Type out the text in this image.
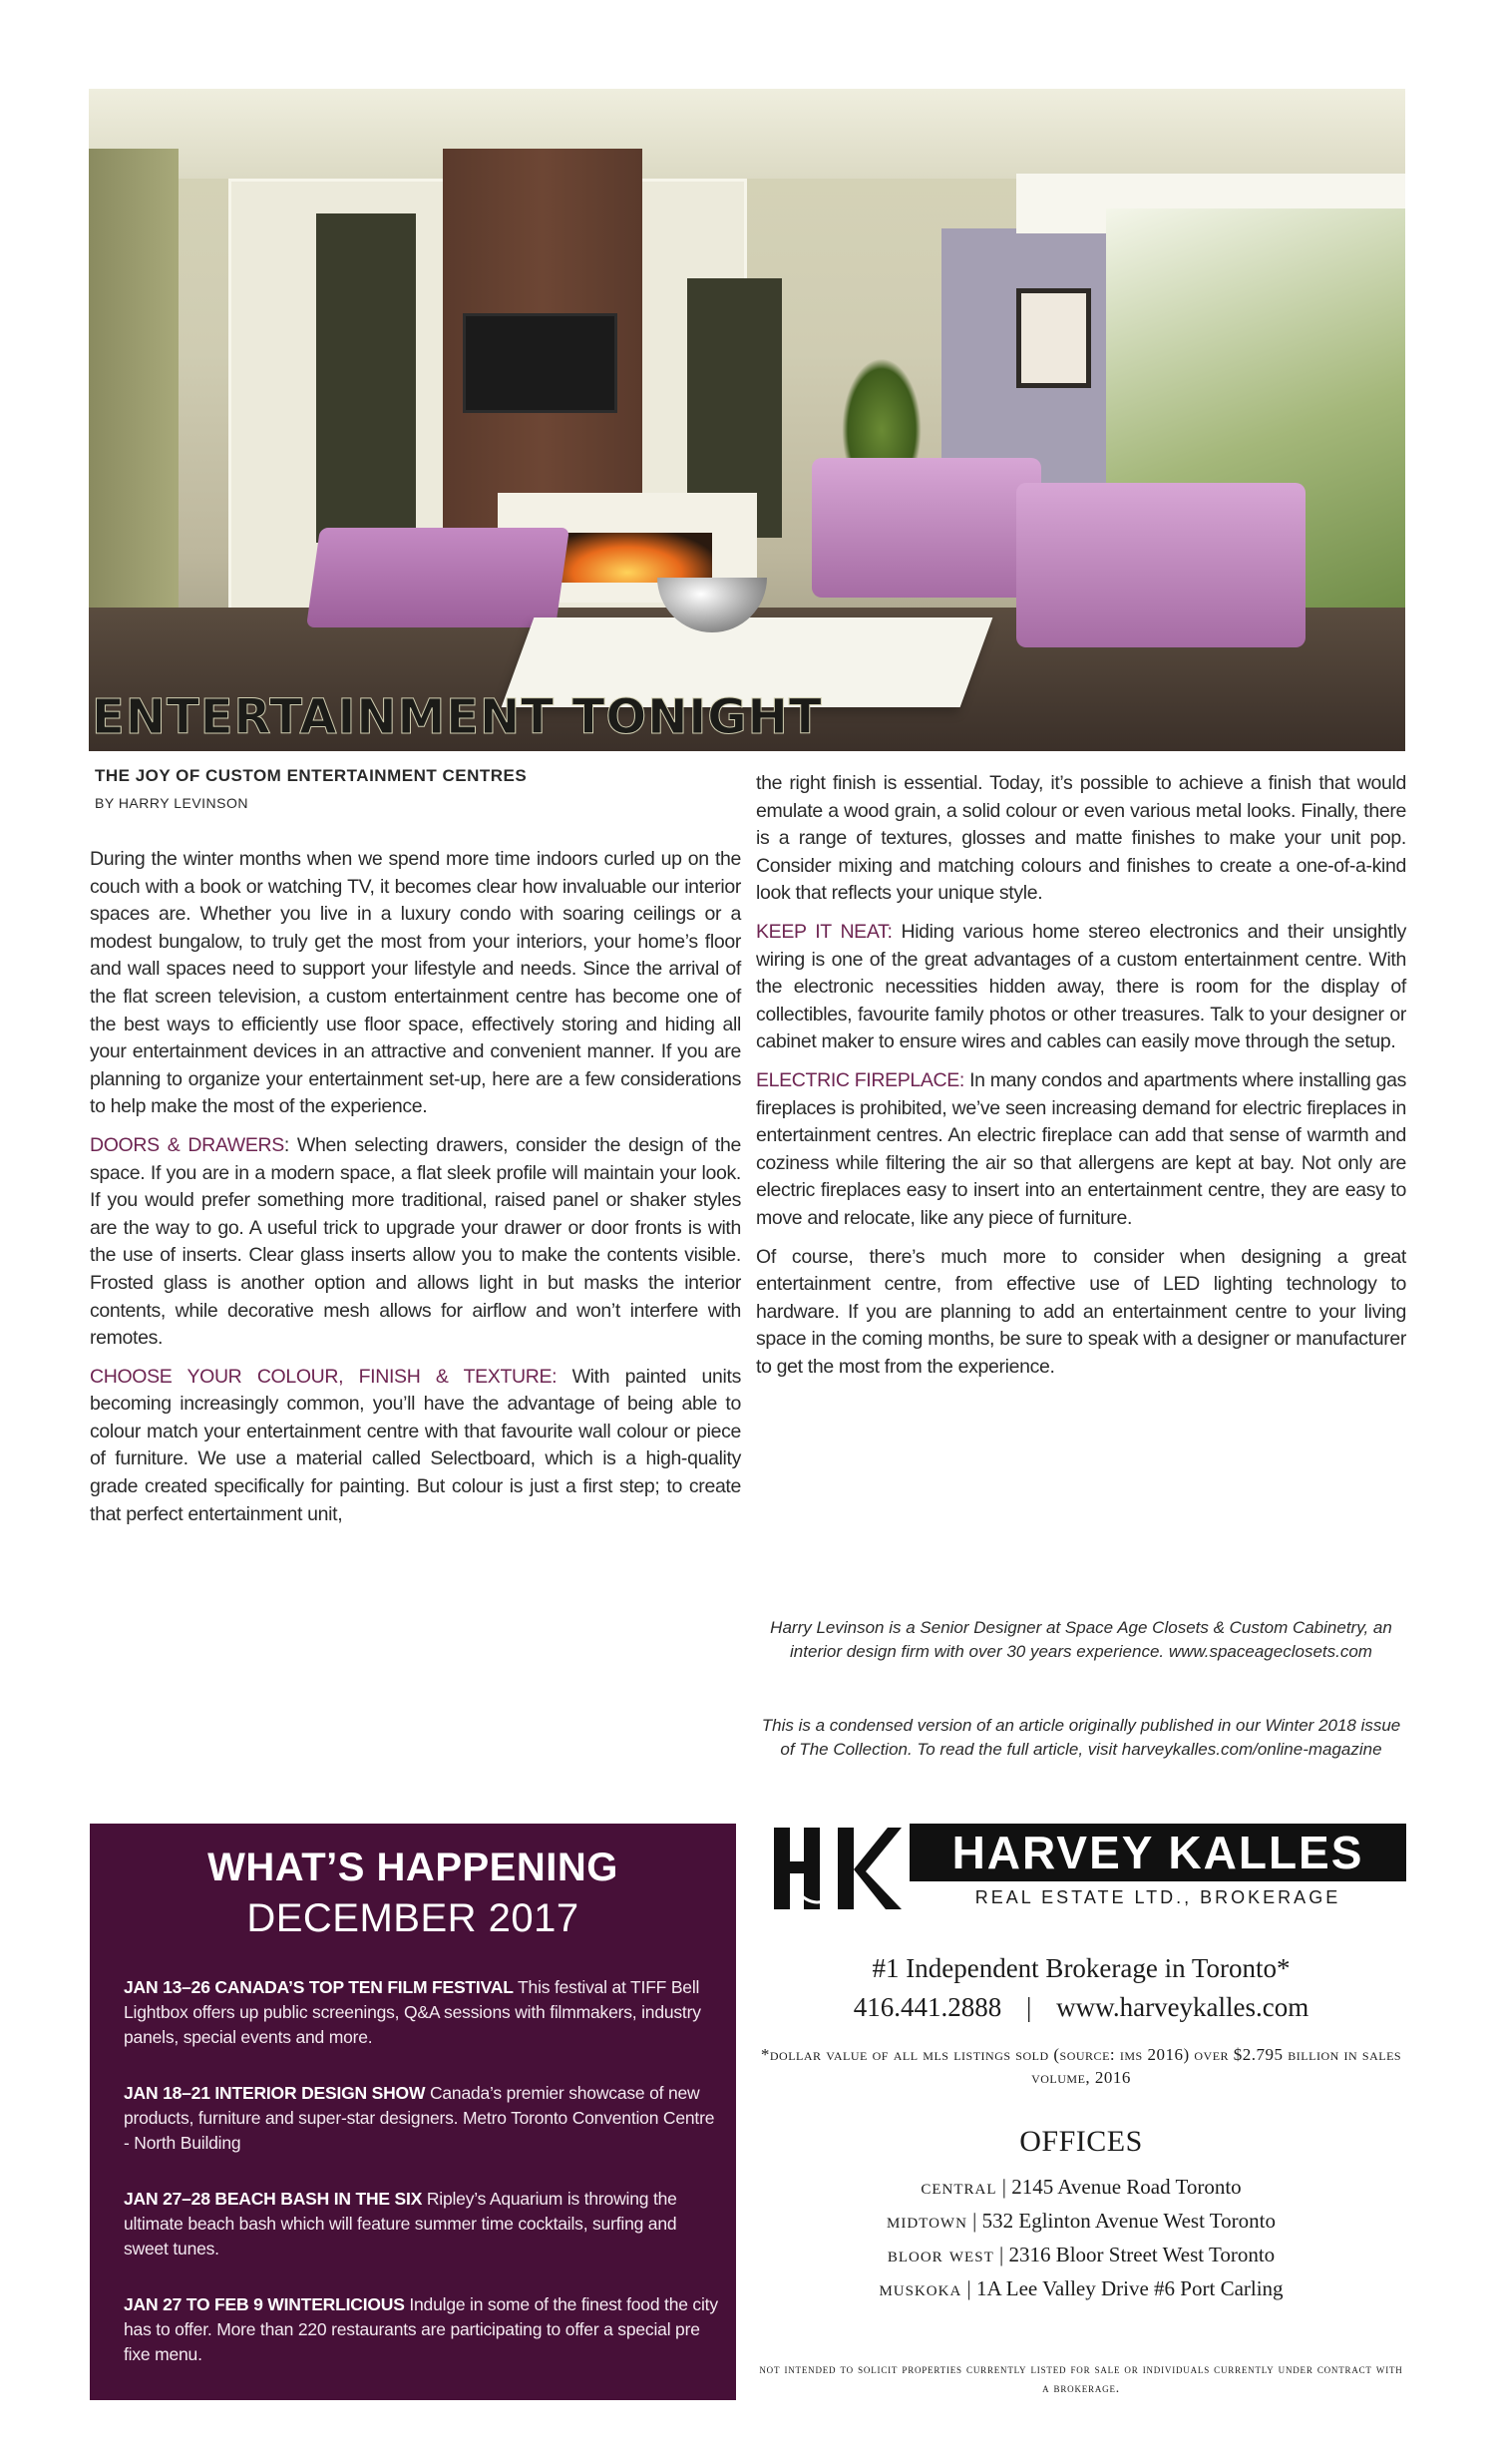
ENTERTAINMENT TONIGHT
THE JOY OF CUSTOM ENTERTAINMENT CENTRES
BY HARRY LEVINSON

During the winter months when we spend more time indoors curled up on the couch with a book or watching TV, it becomes clear how invaluable our interior spaces are. Whether you live in a luxury condo with soaring ceilings or a modest bungalow, to truly get the most from your interiors, your home’s floor and wall spaces need to support your lifestyle and needs. Since the arrival of the flat screen television, a custom entertainment centre has become one of the best ways to efficiently use floor space, effectively storing and hiding all your entertainment devices in an attractive and convenient manner. If you are planning to organize your entertainment set-up, here are a few considerations to help make the most of the experience.

DOORS & DRAWERS: When selecting drawers, consider the design of the space. If you are in a modern space, a flat sleek profile will maintain your look. If you would prefer something more traditional, raised panel or shaker styles are the way to go. A useful trick to upgrade your drawer or door fronts is with the use of inserts. Clear glass inserts allow you to make the contents visible. Frosted glass is another option and allows light in but masks the interior contents, while decorative mesh allows for airflow and won’t interfere with remotes.

CHOOSE YOUR COLOUR, FINISH & TEXTURE: With painted units becoming increasingly common, you’ll have the advantage of being able to colour match your entertainment centre with that favourite wall colour or piece of furniture. We use a material called Selectboard, which is a high-quality grade created specifically for painting. But colour is just a first step; to create that perfect entertainment unit,

the right finish is essential. Today, it’s possible to achieve a finish that would emulate a wood grain, a solid colour or even various metal looks. Finally, there is a range of textures, glosses and matte finishes to make your unit pop. Consider mixing and matching colours and finishes to create a one-of-a-kind look that reflects your unique style.

KEEP IT NEAT: Hiding various home stereo electronics and their unsightly wiring is one of the great advantages of a custom entertainment centre. With the electronic necessities hidden away, there is room for the display of collectibles, favourite family photos or other treasures. Talk to your designer or cabinet maker to ensure wires and cables can easily move through the setup.

ELECTRIC FIREPLACE: In many condos and apartments where installing gas fireplaces is prohibited, we’ve seen increasing demand for electric fireplaces in entertainment centres. An electric fireplace can add that sense of warmth and coziness while filtering the air so that allergens are kept at bay. Not only are electric fireplaces easy to insert into an entertainment centre, they are easy to move and relocate, like any piece of furniture.

Of course, there’s much more to consider when designing a great entertainment centre, from effective use of LED lighting technology to hardware. If you are planning to add an entertainment centre to your living space in the coming months, be sure to speak with a designer or manufacturer to get the most from the experience.

Harry Levinson is a Senior Designer at Space Age Closets & Custom Cabinetry, an interior design firm with over 30 years experience. www.spaceageclosets.com
This is a condensed version of an article originally published in our Winter 2018 issue of The Collection. To read the full article, visit harveykalles.com/online-magazine
WHAT’S HAPPENING
DECEMBER 2017
JAN 13–26 CANADA’S TOP TEN FILM FESTIVAL This festival at TIFF Bell Lightbox offers up public screenings, Q&A sessions with filmmakers, industry panels, special events and more.
JAN 18–21 INTERIOR DESIGN SHOW Canada’s premier showcase of new products, furniture and super-star designers. Metro Toronto Convention Centre - North Building
JAN 27–28 BEACH BASH IN THE SIX Ripley’s Aquarium is throwing the ultimate beach bash which will feature summer time cocktails, surfing and sweet tunes.
JAN 27 TO FEB 9 WINTERLICIOUS Indulge in some of the finest food the city has to offer. More than 220 restaurants are participating to offer a special pre fixe menu.
HARVEY KALLES
REAL ESTATE LTD., BROKERAGE
#1 Independent Brokerage in Toronto*
416.441.2888 | www.harveykalles.com
*dollar value of all mls listings sold (source: ims 2016) over $2.795 billion in sales volume, 2016
OFFICES
central | 2145 Avenue Road Toronto
midtown | 532 Eglinton Avenue West Toronto
bloor west | 2316 Bloor Street West Toronto
muskoka | 1A Lee Valley Drive #6 Port Carling
not intended to solicit properties currently listed for sale or individuals currently under contract with a brokerage.
